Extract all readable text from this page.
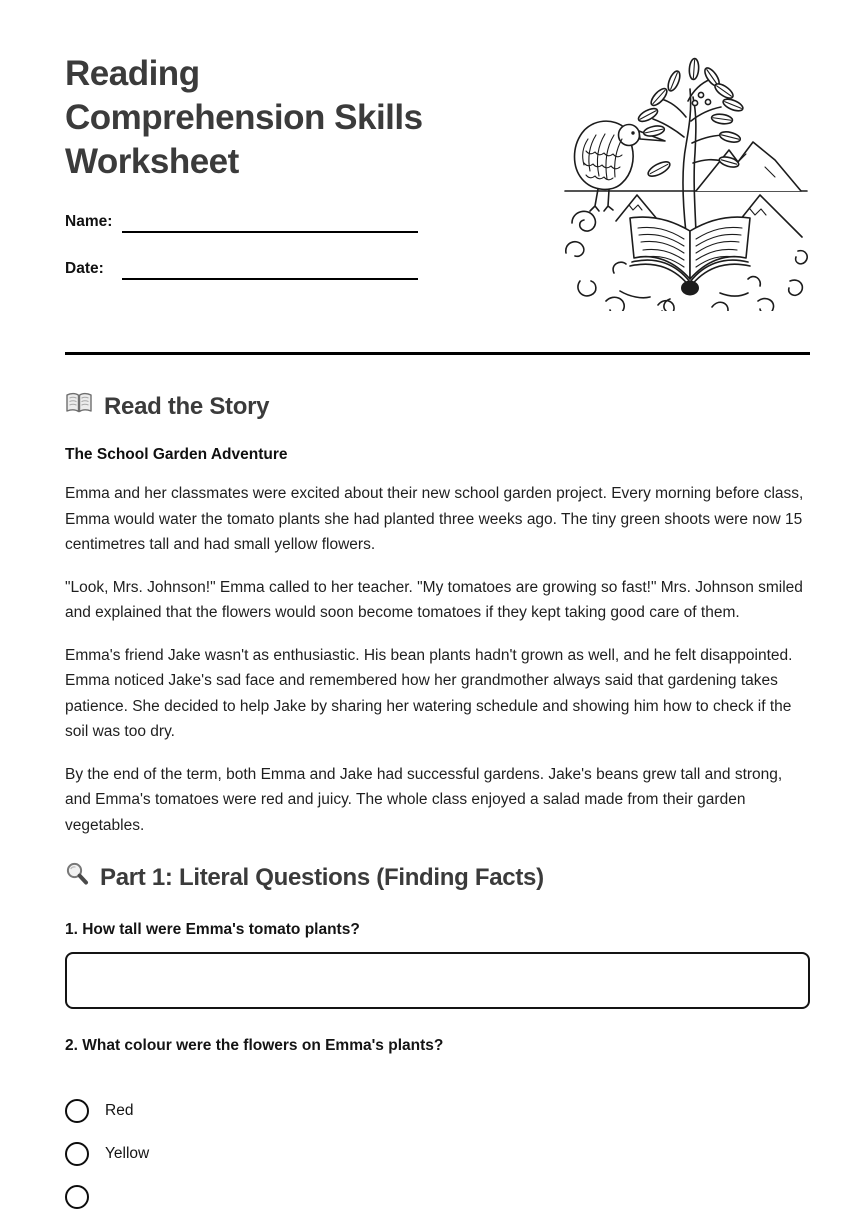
Reading
Comprehension Skills
Worksheet
Name:
Date:
Read the Story

The School Garden Adventure

Emma and her classmates were excited about their new school garden project. Every morning before class, Emma would water the tomato plants she had planted three weeks ago. The tiny green shoots were now 15 centimetres tall and had small yellow flowers.

"Look, Mrs. Johnson!" Emma called to her teacher. "My tomatoes are growing so fast!" Mrs. Johnson smiled and explained that the flowers would soon become tomatoes if they kept taking good care of them.

Emma's friend Jake wasn't as enthusiastic. His bean plants hadn't grown as well, and he felt disappointed. Emma noticed Jake's sad face and remembered how her grandmother always said that gardening takes patience. She decided to help Jake by sharing her watering schedule and showing him how to check if the soil was too dry.

By the end of the term, both Emma and Jake had successful gardens. Jake's beans grew tall and strong, and Emma's tomatoes were red and juicy. The whole class enjoyed a salad made from their garden vegetables.

Part 1: Literal Questions (Finding Facts)

1. How tall were Emma's tomato plants?

2. What colour were the flowers on Emma's plants?

Red
Yellow
